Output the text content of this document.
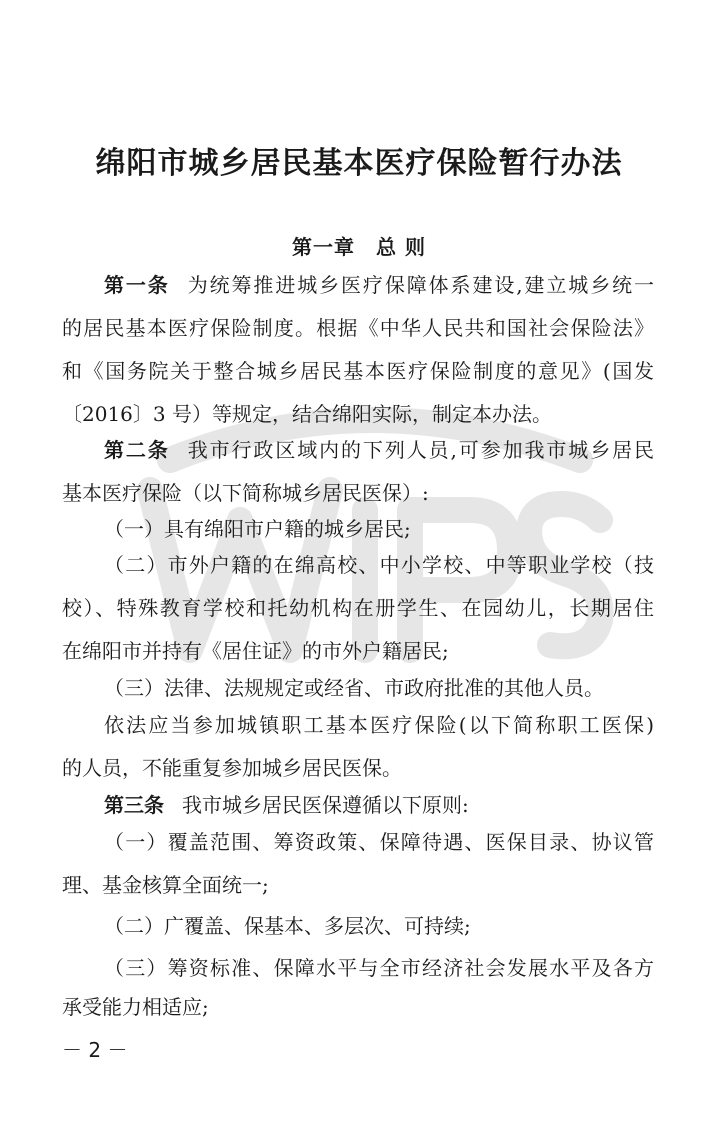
绵阳市城乡居民基本医疗保险暂行办法
第一章　总 则
第一条 为统筹推进城乡医疗保障体系建设,建立城乡统一
的居民基本医疗保险制度。根据《中华人民共和国社会保险法》
和《国务院关于整合城乡居民基本医疗保险制度的意见》(国发
〔2016〕3 号）等规定，结合绵阳实际，制定本办法。
第二条 我市行政区域内的下列人员,可参加我市城乡居民
基本医疗保险（以下简称城乡居民医保）:
（一）具有绵阳市户籍的城乡居民;
（二）市外户籍的在绵高校、中小学校、中等职业学校（技
校）、特殊教育学校和托幼机构在册学生、在园幼儿，长期居住
在绵阳市并持有《居住证》的市外户籍居民;
（三）法律、法规规定或经省、市政府批准的其他人员。
依法应当参加城镇职工基本医疗保险(以下简称职工医保)
的人员，不能重复参加城乡居民医保。
第三条 我市城乡居民医保遵循以下原则:
（一）覆盖范围、筹资政策、保障待遇、医保目录、协议管
理、基金核算全面统一;
（二）广覆盖、保基本、多层次、可持续;
（三）筹资标准、保障水平与全市经济社会发展水平及各方
承受能力相适应;
－ 2 －
